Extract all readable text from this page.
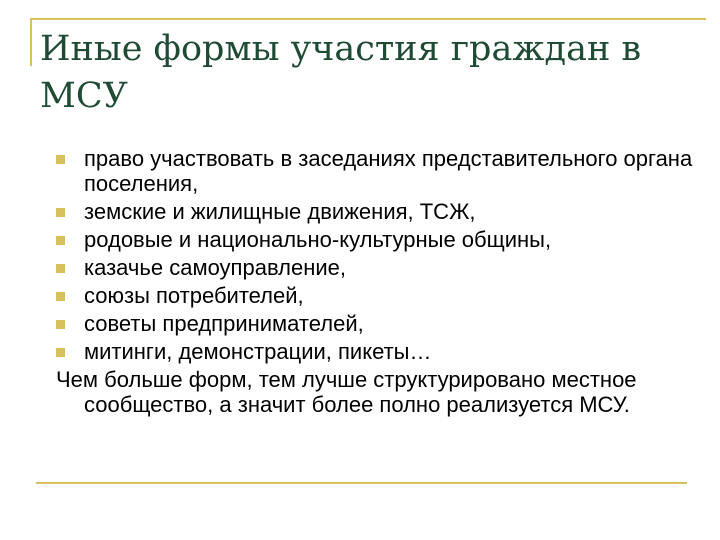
Иные формы участия граждан в МСУ
право участвовать в заседаниях представительного органа поселения,
земские и жилищные движения, ТСЖ,
родовые и национально-культурные общины,
казачье самоуправление,
союзы потребителей,
советы предпринимателей,
митинги, демонстрации, пикеты…

Чем больше форм, тем лучше структурировано местное сообщество, а значит более полно реализуется МСУ.
